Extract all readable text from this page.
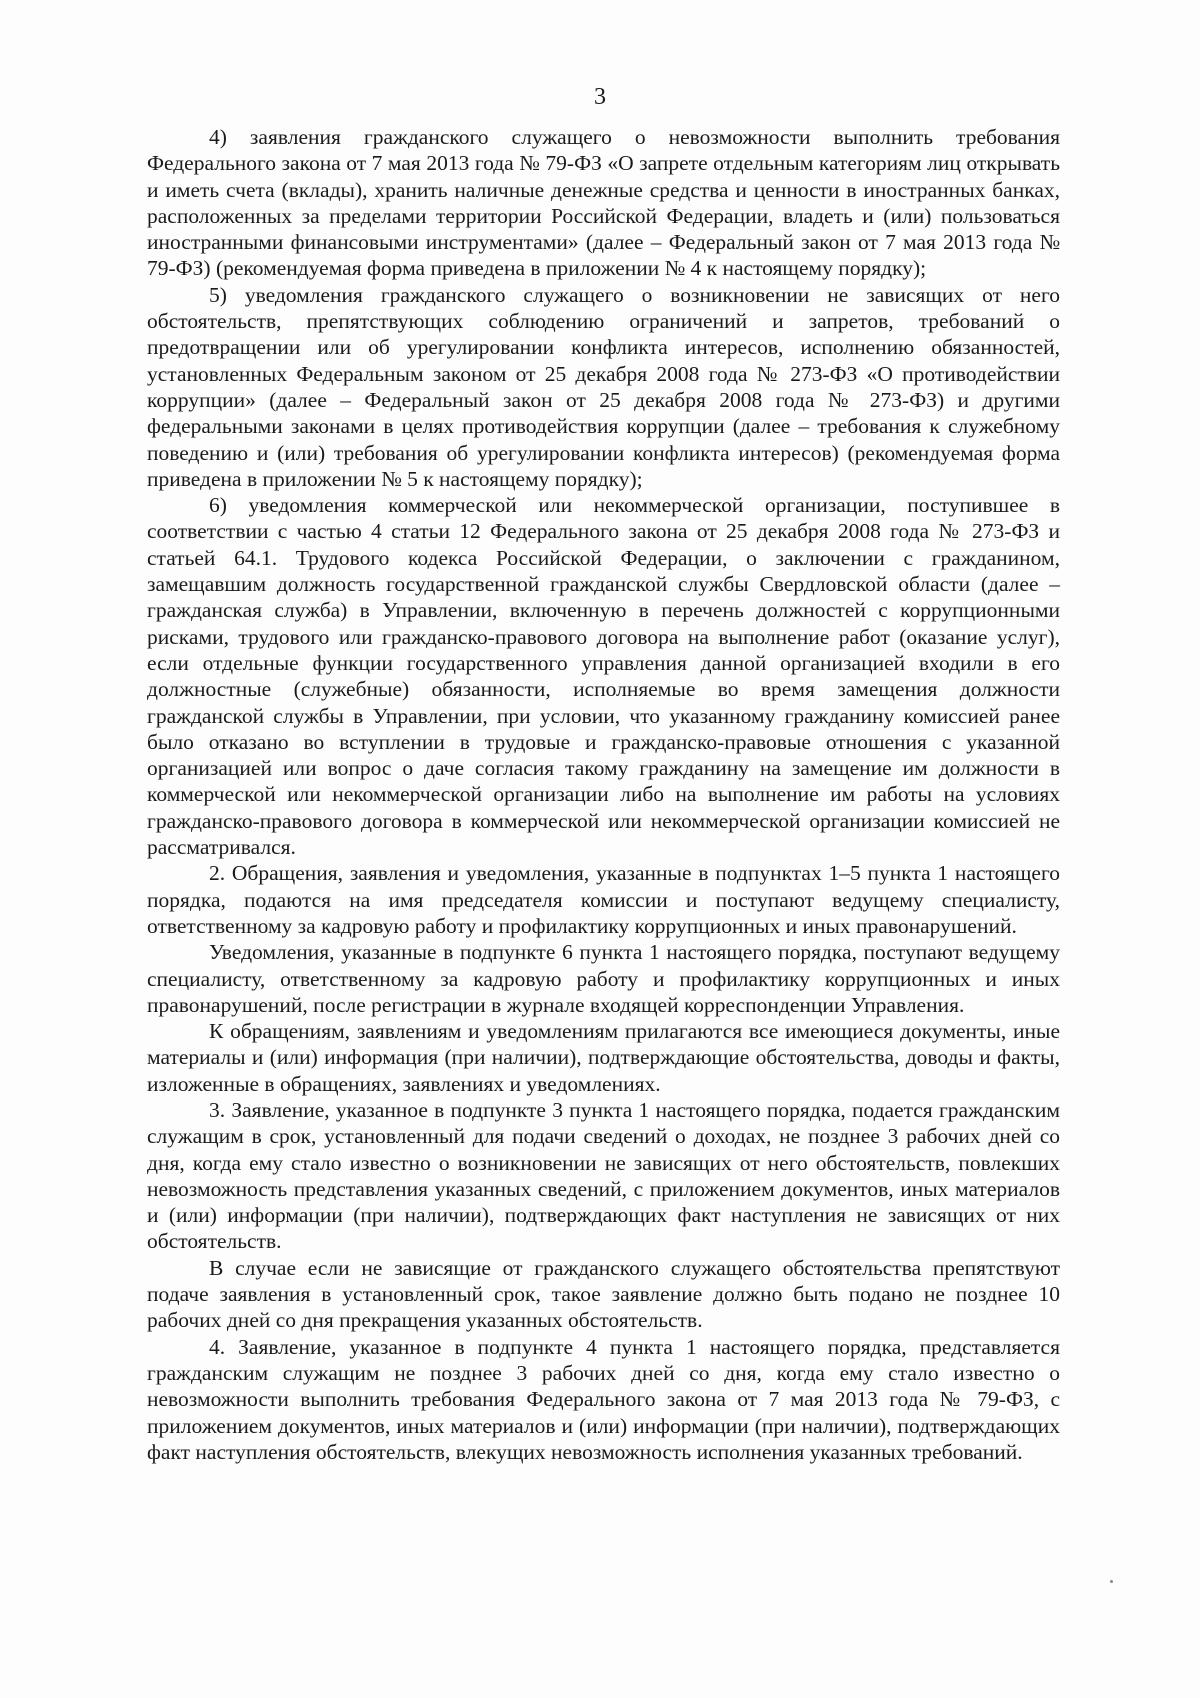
3

4) заявления гражданского служащего о невозможности выполнить требования Федерального закона от 7 мая 2013 года № 79-ФЗ «О запрете отдельным категориям лиц открывать и иметь счета (вклады), хранить наличные денежные средства и ценности в иностранных банках, расположенных за пределами территории Российской Федерации, владеть и (или) пользоваться иностранными финансовыми инструментами» (далее – Федеральный закон от 7 мая 2013 года № 79-ФЗ) (рекомендуемая форма приведена в приложении № 4 к настоящему порядку);

5) уведомления гражданского служащего о возникновении не зависящих от него обстоятельств, препятствующих соблюдению ограничений и запретов, требований о предотвращении или об урегулировании конфликта интересов, исполнению обязанностей, установленных Федеральным законом от 25 декабря 2008 года № 273-ФЗ «О противодействии коррупции» (далее – Федеральный закон от 25 декабря 2008 года № 273-ФЗ) и другими федеральными законами в целях противодействия коррупции (далее – требования к служебному поведению и (или) требования об урегулировании конфликта интересов) (рекомендуемая форма приведена в приложении № 5 к настоящему порядку);

6) уведомления коммерческой или некоммерческой организации, поступившее в соответствии с частью 4 статьи 12 Федерального закона от 25 декабря 2008 года № 273-ФЗ и статьей 64.1. Трудового кодекса Российской Федерации, о заключении с гражданином, замещавшим должность государственной гражданской службы Свердловской области (далее – гражданская служба) в Управлении, включенную в перечень должностей с коррупционными рисками, трудового или гражданско-правового договора на выполнение работ (оказание услуг), если отдельные функции государственного управления данной организацией входили в его должностные (служебные) обязанности, исполняемые во время замещения должности гражданской службы в Управлении, при условии, что указанному гражданину комиссией ранее было отказано во вступлении в трудовые и гражданско-правовые отношения с указанной организацией или вопрос о даче согласия такому гражданину на замещение им должности в коммерческой или некоммерческой организации либо на выполнение им работы на условиях гражданско-правового договора в коммерческой или некоммерческой организации комиссией не рассматривался.

2. Обращения, заявления и уведомления, указанные в подпунктах 1–5 пункта 1 настоящего порядка, подаются на имя председателя комиссии и поступают ведущему специалисту, ответственному за кадровую работу и профилактику коррупционных и иных правонарушений.

Уведомления, указанные в подпункте 6 пункта 1 настоящего порядка, поступают ведущему специалисту, ответственному за кадровую работу и профилактику коррупционных и иных правонарушений, после регистрации в журнале входящей корреспонденции Управления.

К обращениям, заявлениям и уведомлениям прилагаются все имеющиеся документы, иные материалы и (или) информация (при наличии), подтверждающие обстоятельства, доводы и факты, изложенные в обращениях, заявлениях и уведомлениях.

3. Заявление, указанное в подпункте 3 пункта 1 настоящего порядка, подается гражданским служащим в срок, установленный для подачи сведений о доходах, не позднее 3 рабочих дней со дня, когда ему стало известно о возникновении не зависящих от него обстоятельств, повлекших невозможность представления указанных сведений, с приложением документов, иных материалов и (или) информации (при наличии), подтверждающих факт наступления не зависящих от них обстоятельств.

В случае если не зависящие от гражданского служащего обстоятельства препятствуют подаче заявления в установленный срок, такое заявление должно быть подано не позднее 10 рабочих дней со дня прекращения указанных обстоятельств.

4. Заявление, указанное в подпункте 4 пункта 1 настоящего порядка, представляется гражданским служащим не позднее 3 рабочих дней со дня, когда ему стало известно о невозможности выполнить требования Федерального закона от 7 мая 2013 года № 79-ФЗ, с приложением документов, иных материалов и (или) информации (при наличии), подтверждающих факт наступления обстоятельств, влекущих невозможность исполнения указанных требований.
